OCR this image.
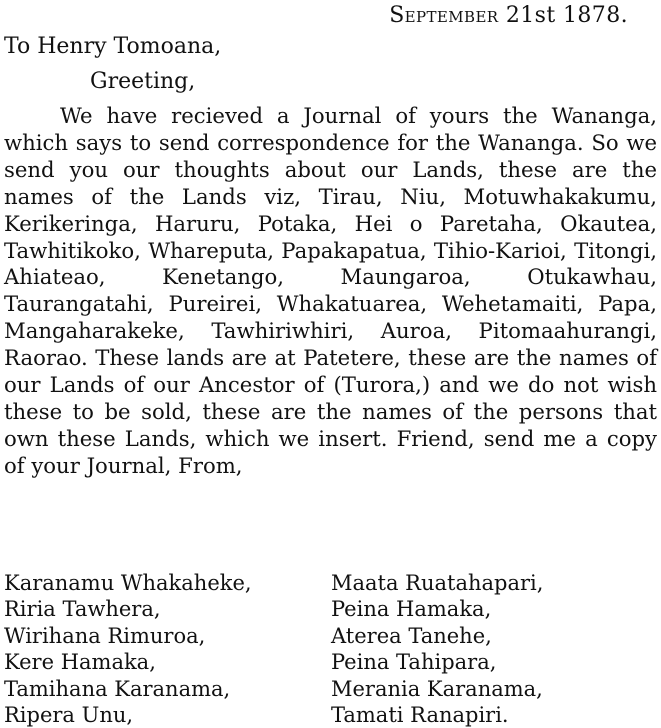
September 21st 1878.
To Henry Tomoana,
Greeting,

We have recieved a Journal of yours the Wananga, which says to send correspondence for the Wananga. So we send you our thoughts about our Lands, these are the names of the Lands viz, Tirau, Niu, Motuwhakakumu, Kerikeringa, Haruru, Potaka, Hei o Paretaha, Okautea, Tawhitikoko, Whareputa, Papakapatua, Tihio-Karioi, Titongi, Ahiateao, Kenetango, Maungaroa, Otukawhau, Taurangatahi, Pureirei, Whakatuarea, Wehetamaiti, Papa, Mangaharakeke, Tawhiriwhiri, Auroa, Pitomaahurangi, Raorao. These lands are at Patetere, these are the names of our Lands of our Ancestor of (Turora,) and we do not wish these to be sold, these are the names of the persons that own these Lands, which we insert. Friend, send me a copy of your Journal, From,

Karanamu Whakaheke,
Riria Tawhera,
Wirihana Rimuroa,
Kere Hamaka,
Tamihana Karanama,
Ripera Unu,
Maata Ruatahapari,
Peina Hamaka,
Aterea Tanehe,
Peina Tahipara,
Merania Karanama,
Tamati Ranapiri.
